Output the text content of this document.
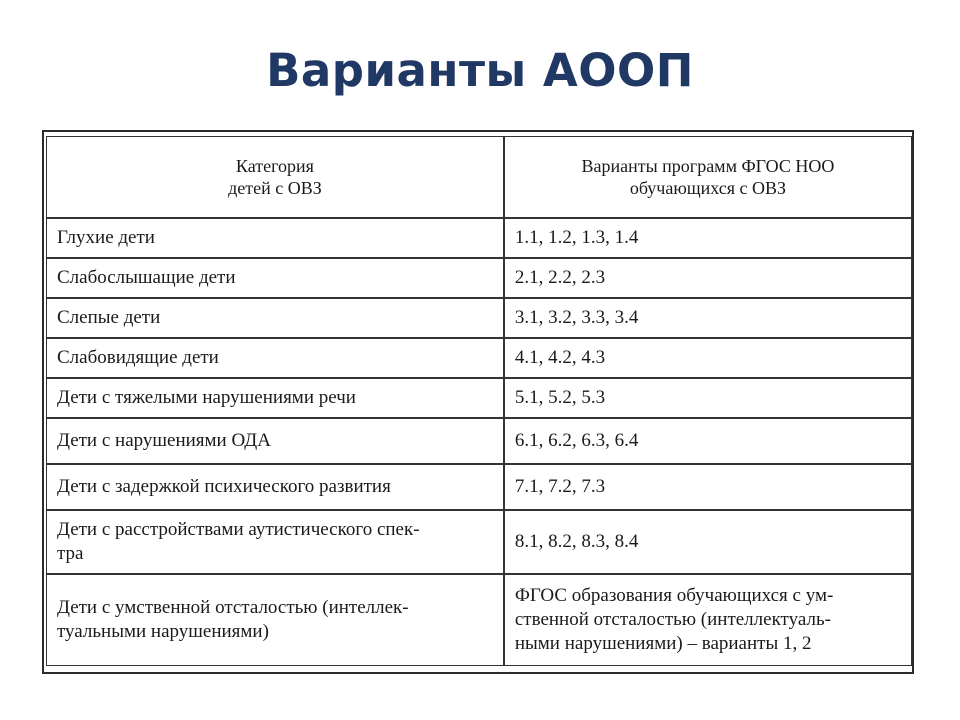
Варианты АООП
Категория
детей с ОВЗ	Варианты программ ФГОС НОО
обучающихся с ОВЗ
Глухие дети	1.1, 1.2, 1.3, 1.4
Слабослышащие дети	2.1, 2.2, 2.3
Слепые дети	3.1, 3.2, 3.3, 3.4
Слабовидящие дети	4.1, 4.2, 4.3
Дети с тяжелыми нарушениями речи	5.1, 5.2, 5.3
Дети с нарушениями ОДА	6.1, 6.2, 6.3, 6.4
Дети с задержкой психического развития	7.1, 7.2, 7.3
Дети с расстройствами аутистического спек-
тра	8.1, 8.2, 8.3, 8.4
Дети с умственной отсталостью (интеллек-
туальными нарушениями)	ФГОС образования обучающихся с ум-
ственной отсталостью (интеллектуаль-
ными нарушениями) – варианты 1, 2
